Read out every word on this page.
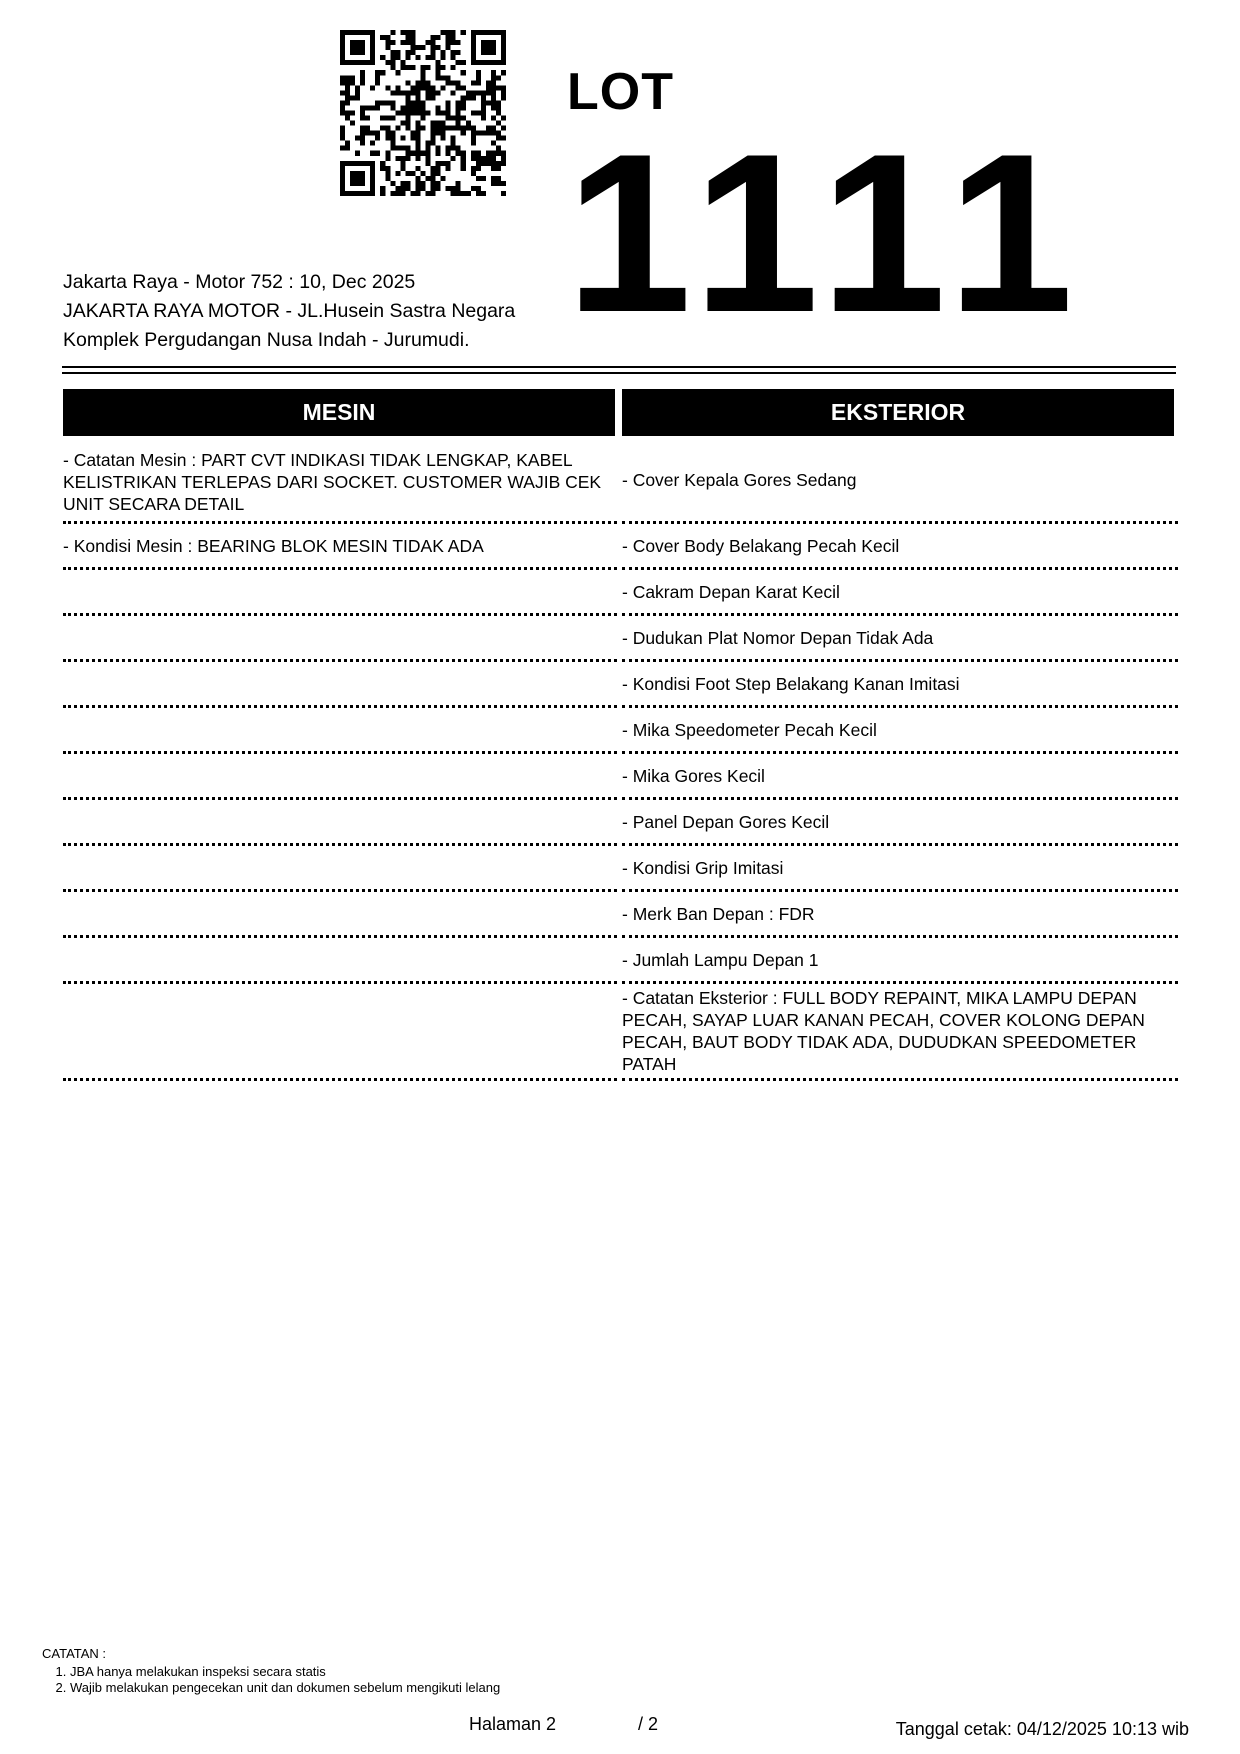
LOT
1111
Jakarta Raya - Motor 752 : 10, Dec 2025
JAKARTA RAYA MOTOR - JL.Husein Sastra Negara
Komplek Pergudangan Nusa Indah - Jurumudi.
MESIN
- Catatan Mesin : PART CVT INDIKASI TIDAK LENGKAP, KABEL KELISTRIKAN TERLEPAS DARI SOCKET. CUSTOMER WAJIB CEK UNIT SECARA DETAIL
- Kondisi Mesin : BEARING BLOK MESIN TIDAK ADA
EKSTERIOR
- Cover Kepala Gores Sedang
- Cover Body Belakang Pecah Kecil
- Cakram Depan Karat Kecil
- Dudukan Plat Nomor Depan Tidak Ada
- Kondisi Foot Step Belakang Kanan Imitasi
- Mika Speedometer Pecah Kecil
- Mika Gores Kecil
- Panel Depan Gores Kecil
- Kondisi Grip Imitasi
- Merk Ban Depan : FDR
- Jumlah Lampu Depan 1
- Catatan Eksterior : FULL BODY REPAINT, MIKA LAMPU DEPAN PECAH, SAYAP LUAR KANAN PECAH, COVER KOLONG DEPAN PECAH, BAUT BODY TIDAK ADA, DUDUDKAN SPEEDOMETER PATAH
CATATAN :
1. JBA hanya melakukan inspeksi secara statis
2. Wajib melakukan pengecekan unit dan dokumen sebelum mengikuti lelang
Halaman 2	/ 2	Tanggal cetak: 04/12/2025 10:13 wib
